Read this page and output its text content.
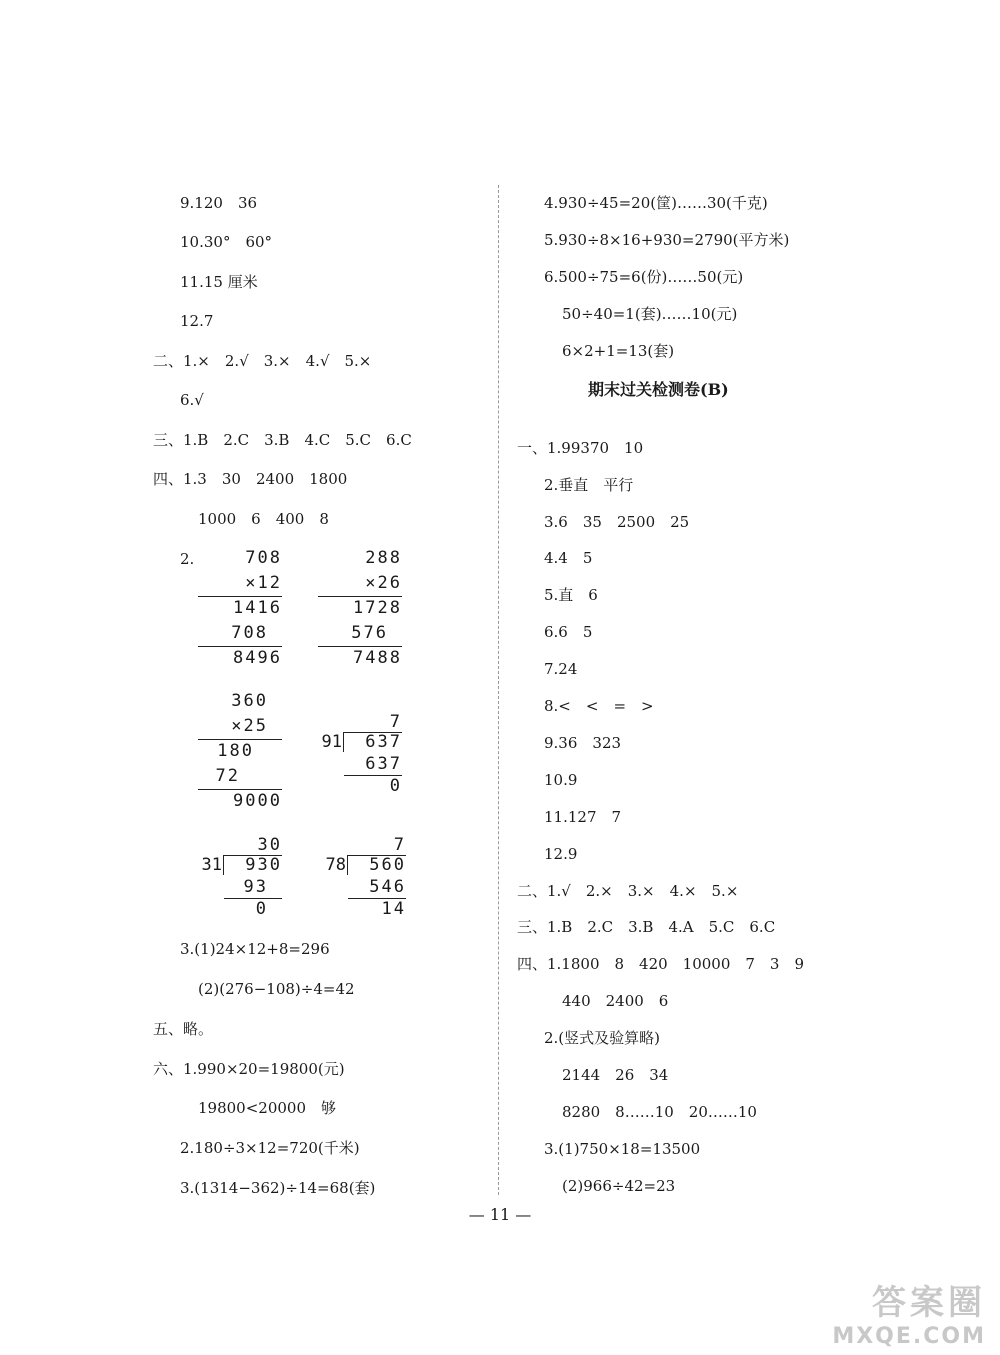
9.120　36
10.30°　60°
11.15 厘米
12.7
二、1.×　2.√　3.×　4.√　5.×
6.√
三、1.B　2.C　3.B　4.C　5.C　6.C
四、1.3　30　2400　1800
1000　6　400　8
2.	708
×12
1416
708
8496
288
×26
1728
576
7488
360
×25
180
72
9000
7
91 637
637
0
30
31 930
93
0
7
78 560
546
14
3.(1)24×12+8=296
(2)(276−108)÷4=42
五、略。
六、1.990×20=19800(元)
19800<20000　够
2.180÷3×12=720(千米)
3.(1314−362)÷14=68(套)
4.930÷45=20(筐)……30(千克)
5.930÷8×16+930=2790(平方米)
6.500÷75=6(份)……50(元)
50÷40=1(套)……10(元)
6×2+1=13(套)
期末过关检测卷(B)
一、1.99370　10
2.垂直　平行
3.6　35　2500　25
4.4　5
5.直　6
6.6　5
7.24
8.<　<　=　>
9.36　323
10.9
11.127　7
12.9
二、1.√　2.×　3.×　4.×　5.×
三、1.B　2.C　3.B　4.A　5.C　6.C
四、1.1800　8　420　10000　7　3　9
440　2400　6
2.(竖式及验算略)
2144　26　34
8280　8……10　20……10
3.(1)750×18=13500
(2)966÷42=23
— 11 —
答案圈
MXQE.COM
